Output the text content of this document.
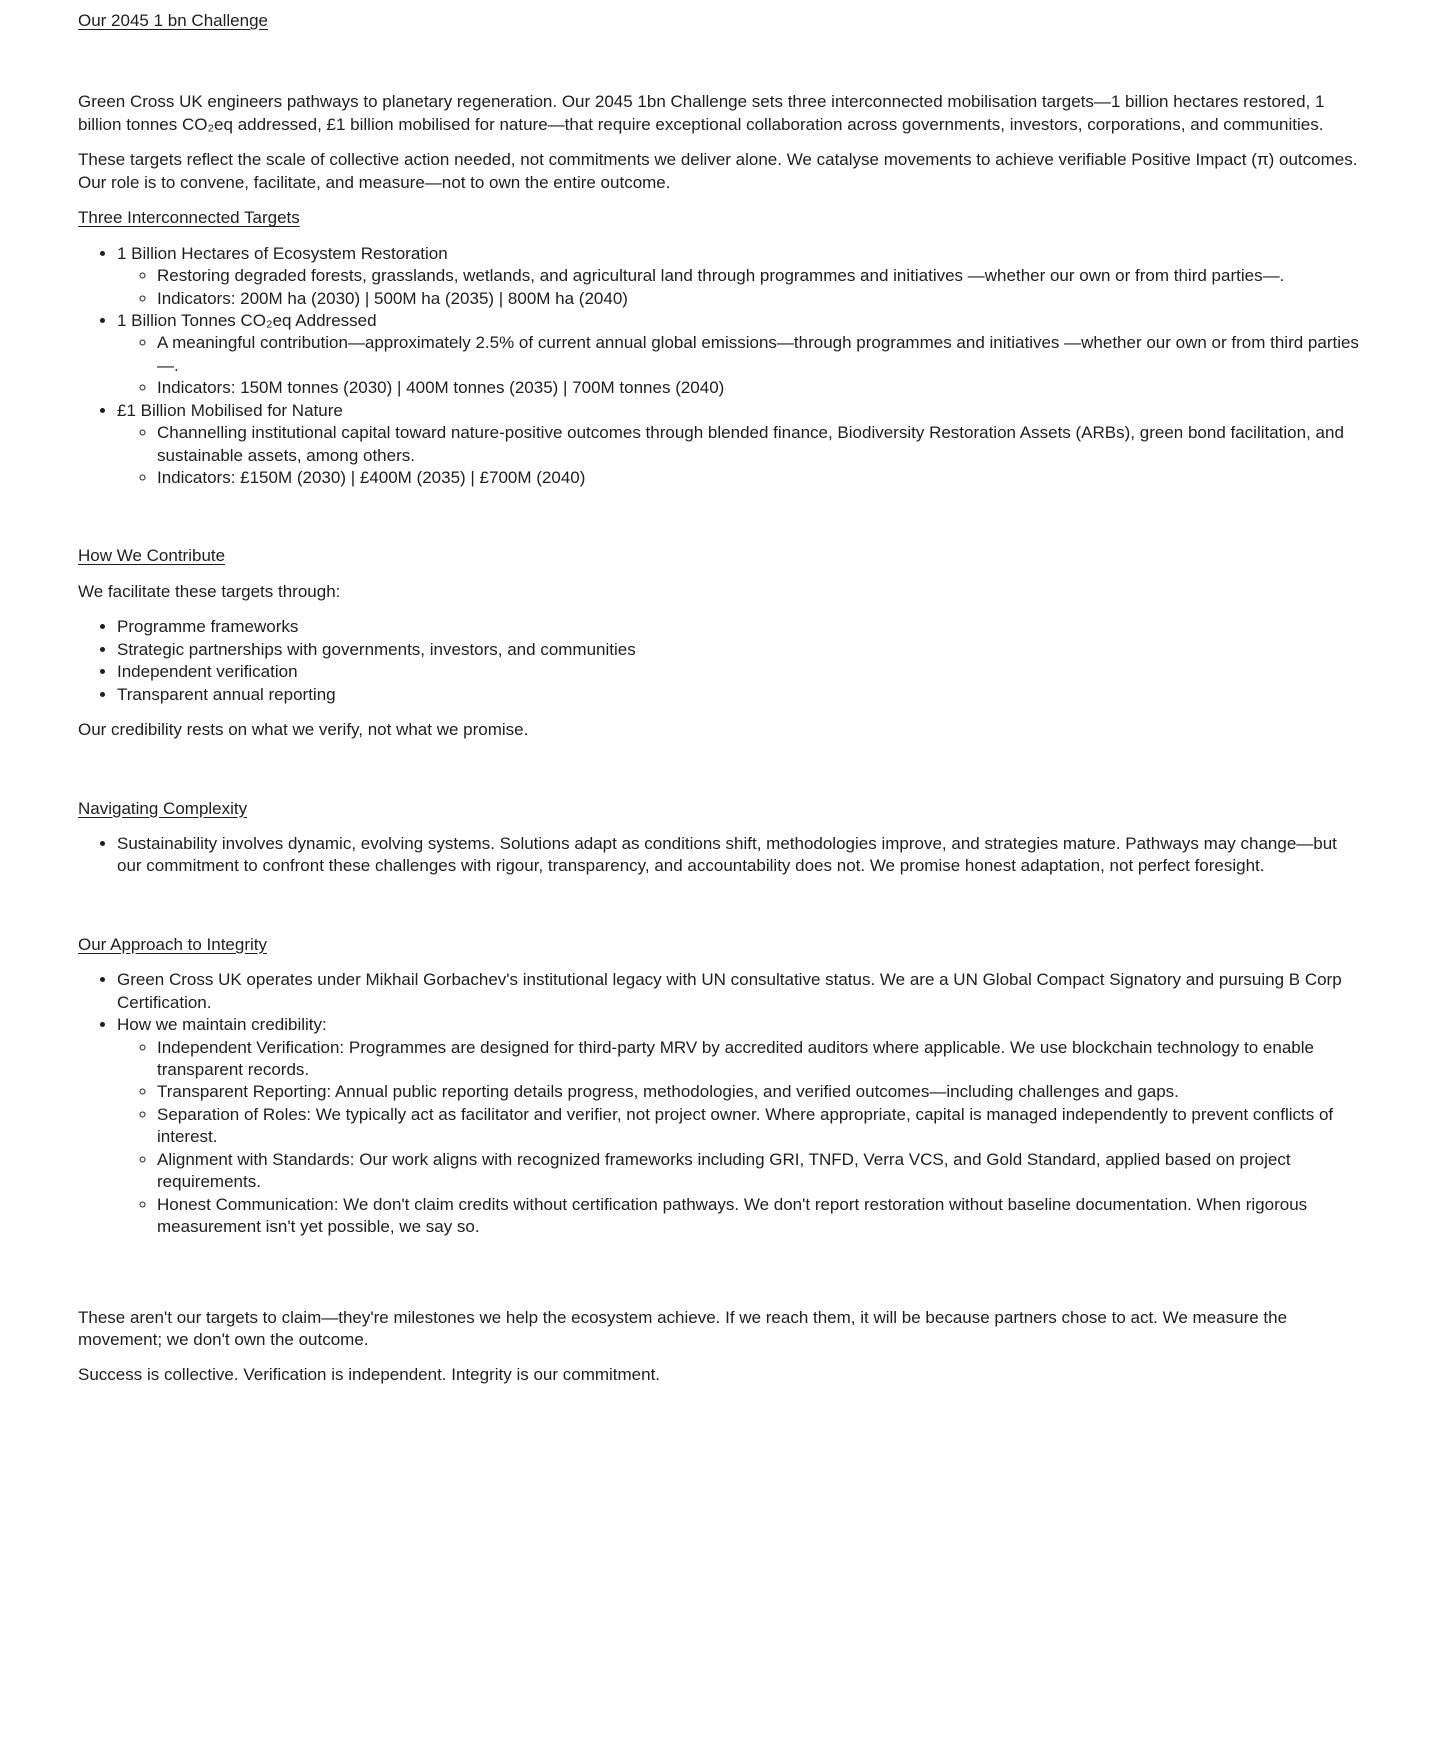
Our 2045 1 bn Challenge

Green Cross UK engineers pathways to planetary regeneration. Our 2045 1bn Challenge sets three interconnected mobilisation targets—1 billion hectares restored, 1 billion tonnes CO₂eq addressed, £1 billion mobilised for nature—that require exceptional collaboration across governments, investors, corporations, and communities.

These targets reflect the scale of collective action needed, not commitments we deliver alone. We catalyse movements to achieve verifiable Positive Impact (π) outcomes. Our role is to convene, facilitate, and measure—not to own the entire outcome.

Three Interconnected Targets
• 1 Billion Hectares of Ecosystem Restoration
◦ Restoring degraded forests, grasslands, wetlands, and agricultural land through programmes and initiatives —whether our own or from third parties—.
◦ Indicators: 200M ha (2030) | 500M ha (2035) | 800M ha (2040)
• 1 Billion Tonnes CO₂eq Addressed
◦ A meaningful contribution—approximately 2.5% of current annual global emissions—through programmes and initiatives —whether our own or from third parties—.
◦ Indicators: 150M tonnes (2030) | 400M tonnes (2035) | 700M tonnes (2040)
• £1 Billion Mobilised for Nature
◦ Channelling institutional capital toward nature-positive outcomes through blended finance, Biodiversity Restoration Assets (ARBs), green bond facilitation, and sustainable assets, among others.
◦ Indicators: £150M (2030) | £400M (2035) | £700M (2040)
How We Contribute

We facilitate these targets through:

• Programme frameworks
• Strategic partnerships with governments, investors, and communities
• Independent verification
• Transparent annual reporting

Our credibility rests on what we verify, not what we promise.

Navigating Complexity
• Sustainability involves dynamic, evolving systems. Solutions adapt as conditions shift, methodologies improve, and strategies mature. Pathways may change—but our commitment to confront these challenges with rigour, transparency, and accountability does not. We promise honest adaptation, not perfect foresight.
Our Approach to Integrity
• Green Cross UK operates under Mikhail Gorbachev's institutional legacy with UN consultative status. We are a UN Global Compact Signatory and pursuing B Corp Certification.
• How we maintain credibility:
◦ Independent Verification: Programmes are designed for third-party MRV by accredited auditors where applicable. We use blockchain technology to enable transparent records.
◦ Transparent Reporting: Annual public reporting details progress, methodologies, and verified outcomes—including challenges and gaps.
◦ Separation of Roles: We typically act as facilitator and verifier, not project owner. Where appropriate, capital is managed independently to prevent conflicts of interest.
◦ Alignment with Standards: Our work aligns with recognized frameworks including GRI, TNFD, Verra VCS, and Gold Standard, applied based on project requirements.
◦ Honest Communication: We don't claim credits without certification pathways. We don't report restoration without baseline documentation. When rigorous measurement isn't yet possible, we say so.

These aren't our targets to claim—they're milestones we help the ecosystem achieve. If we reach them, it will be because partners chose to act. We measure the movement; we don't own the outcome.

Success is collective. Verification is independent. Integrity is our commitment.
